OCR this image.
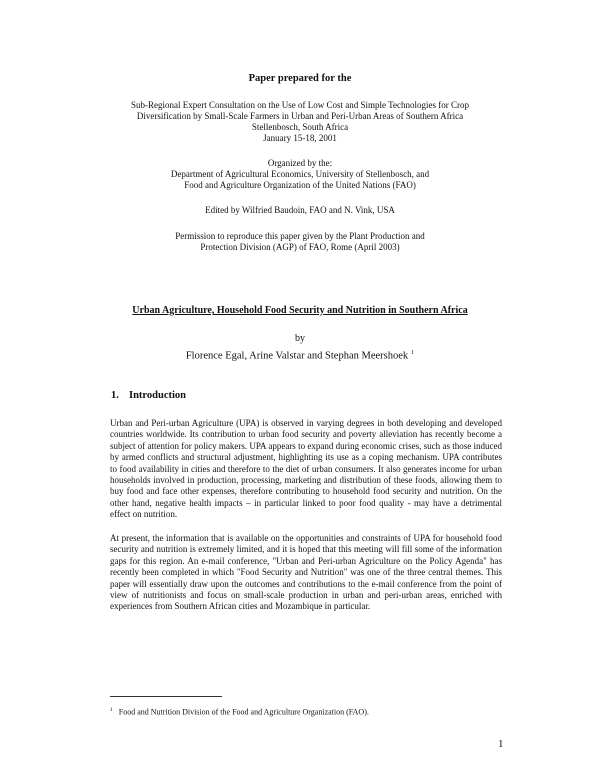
Paper prepared for the
Sub-Regional Expert Consultation on the Use of Low Cost and Simple Technologies for Crop
Diversification by Small-Scale Farmers in Urban and Peri-Urban Areas of Southern Africa
Stellenbosch, South Africa
January 15-18, 2001
Organized by the:
Department of Agricultural Economics, University of Stellenbosch, and
Food and Agriculture Organization of the United Nations (FAO)
Edited by Wilfried Baudoin, FAO and N. Vink, USA
Permission to reproduce this paper given by the Plant Production and
Protection Division (AGP) of FAO, Rome (April 2003)
Urban Agriculture, Household Food Security and Nutrition in Southern Africa
by
Florence Egal, Arine Valstar and Stephan Meershoek $^1$
1. Introduction
Urban and Peri-urban Agriculture (UPA) is observed in varying degrees in both developing and developed countries worldwide. Its contribution to urban food security and poverty alleviation has recently become a subject of attention for policy makers. UPA appears to expand during economic crises, such as those induced by armed conflicts and structural adjustment, highlighting its use as a coping mechanism. UPA contributes to food availability in cities and therefore to the diet of urban consumers. It also generates income for urban households involved in production, processing, marketing and distribution of these foods, allowing them to buy food and face other expenses, therefore contributing to household food security and nutrition. On the other hand, negative health impacts – in particular linked to poor food quality - may have a detrimental effect on nutrition.
At present, the information that is available on the opportunities and constraints of UPA for household food security and nutrition is extremely limited, and it is hoped that this meeting will fill some of the information gaps for this region. An e-mail conference, "Urban and Peri-urban Agriculture on the Policy Agenda" has recently been completed in which "Food Security and Nutrition" was one of the three central themes. This paper will essentially draw upon the outcomes and contributions to the e-mail conference from the point of view of nutritionists and focus on small-scale production in urban and peri-urban areas, enriched with experiences from Southern African cities and Mozambique in particular.
$^1$ Food and Nutrition Division of the Food and Agriculture Organization (FAO).
1
